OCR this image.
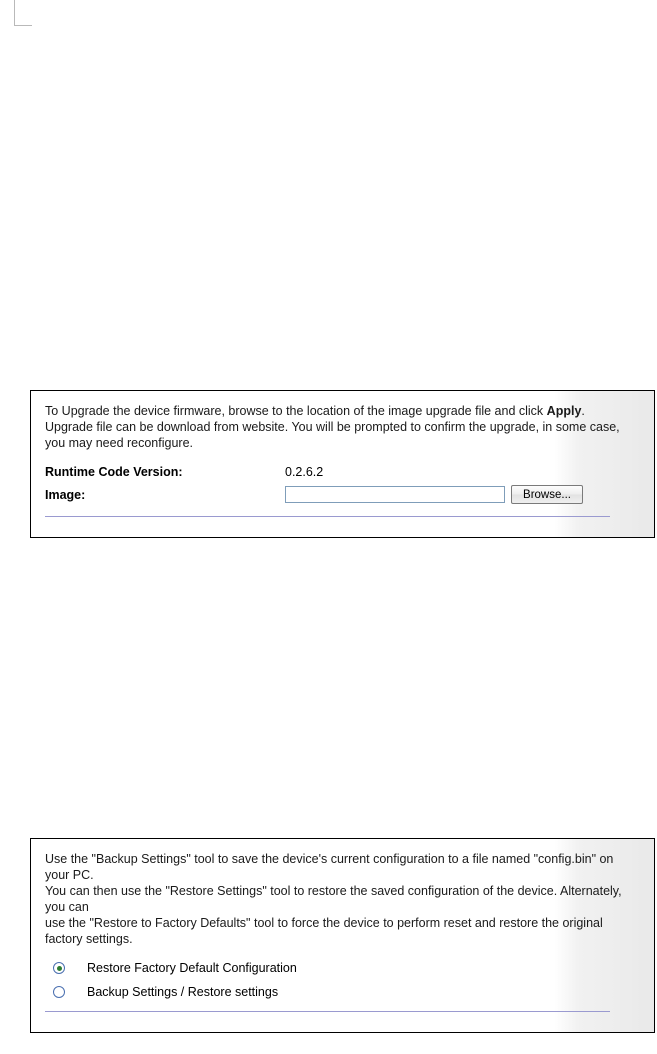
To Upgrade the device firmware, browse to the location of the image upgrade file and click Apply.
Upgrade file can be download from website. You will be prompted to confirm the upgrade, in some case,
you may need reconfigure.

Runtime Code Version:	0.2.6.2
Image:	Browse...

Use the "Backup Settings" tool to save the device's current configuration to a file named "config.bin" on your PC.
You can then use the "Restore Settings" tool to restore the saved configuration of the device. Alternately, you can
use the "Restore to Factory Defaults" tool to force the device to perform reset and restore the original factory settings.

Restore Factory Default Configuration
Backup Settings / Restore settings
